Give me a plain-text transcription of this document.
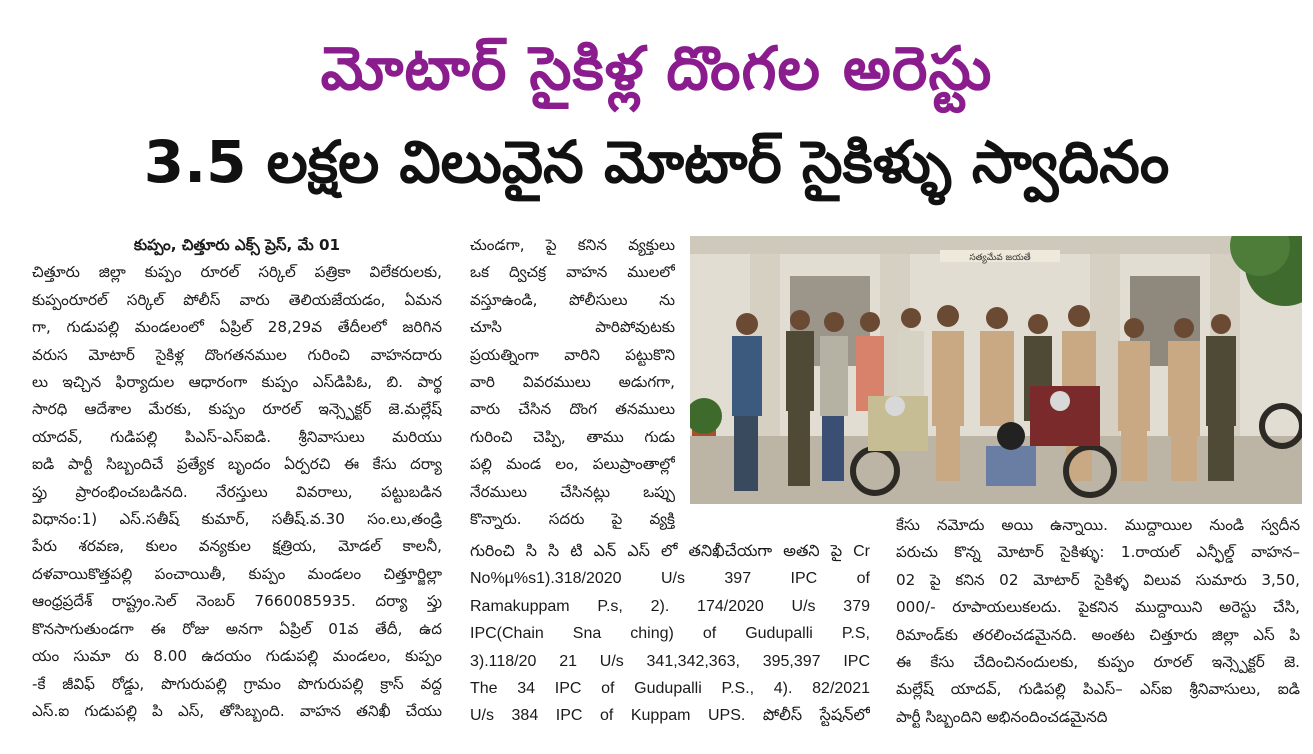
మోటార్ సైకిళ్ల దొంగల అరెస్టు
3.5 లక్షల విలువైన మోటార్ సైకిళ్ళు స్వాదినం

కుప్పం, చిత్తూరు ఎక్స్ ప్రెస్, మే 01

చిత్తూరు జిల్లా కుప్పం రూరల్ సర్కిల్ పత్రికా విలేకరులకు,

కుప్పంరూరల్ సర్కిల్ పోలీస్ వారు తెలియజేయడం, ఏమన

గా, గుడుపల్లి మండలంలో ఏప్రిల్ 28,29వ తేదీలలో జరిగిన

వరుస మోటార్ సైకిళ్ల దొంగతనముల గురించి వాహనదారు

లు ఇచ్చిన ఫిర్యాదుల ఆధారంగా కుప్పం ఎస్‌డిపిఓ, బి. పార్థ

సారధి ఆదేశాల మేరకు, కుప్పం రూరల్ ఇన్స్పెక్టర్ జె.మల్లేష్

యాదవ్, గుడిపల్లి పిఎస్-ఎస్ఐడి. శ్రీనివాసులు మరియు

ఐడి పార్టీ సిబ్బందిచే ప్రత్యేక బృందం ఏర్పరచి ఈ కేసు దర్యా

ప్తు ప్రారంభించబడినది. నేరస్తులు వివరాలు, పట్టుబడిన

విధానం:1) ఎస్.సతీష్ కుమార్, సతీష్.వ.30 సం.లు,తండ్రి

పేరు శరవణ, కులం వన్యకుల క్షత్రియ, మోడల్ కాలనీ,

దళవాయికొత్తపల్లి పంచాయితీ, కుప్పం మండలం చిత్తూర్జిల్లా

ఆంధ్రప్రదేశ్ రాష్ట్రం.సెల్ నెంబర్ 7660085935. దర్యా ప్తు

కొనసాగుతుండగా ఈ రోజు అనగా ఏప్రిల్ 01వ తేదీ, ఉద

యం సుమా రు 8.00 ఉదయం గుడుపల్లి మండలం, కుప్పం

-కే జీవిఫ్ రోడ్డు, పొగురుపల్లి గ్రామం పొగురుపల్లి క్రాస్ వద్ద

ఎస్.ఐ గుడుపల్లి పి ఎస్, తోసిబ్బంది. వాహన తనిఖీ చేయు

చుండగా, పై కనిన వ్యక్తులు

ఒక ద్విచక్ర వాహన ములలో

వస్తూఉండి, పోలీసులు ను

చూసి పారిపోవుటకు

ప్రయత్నింగా వారిని పట్టుకొని

వారి వివరములు అడుగగా,

వారు చేసిన దొంగ తనములు

గురించి చెప్పి, తాము గుడు

పల్లి మండ లం, పలుప్రాంతాల్లో

నేరములు చేసినట్లు ఒప్పు

కొన్నారు. సదరు పై వ్యక్తి

సత్యమేవ జయతే

గురించి సి సి టి ఎన్ ఎస్ లో తనిఖీచేయగా అతని పై Cr

No%µ%s1).318/2020 U/s 397 IPC of

Ramakuppam P.s, 2). 174/2020 U/s 379

IPC(Chain Sna ching) of Gudupalli P.S,

3).118/20 21 U/s 341,342,363, 395,397 IPC

The 34 IPC of Gudupalli P.S., 4). 82/2021

U/s 384 IPC of Kuppam UPS. పోలీస్ స్టేషన్‌లో

కేసు నమోదు అయి ఉన్నాయి. ముద్దాయిల నుండి స్వదీన

పరుచు కొన్న మోటార్ సైకిళ్ళు: 1.రాయల్ ఎన్ఫీల్డ్ వాహన–

02 పై కనిన 02 మోటార్ సైకిళ్ళ విలువ సుమారు 3,50,

000/- రూపాయలుకలదు. పైకనిన ముద్దాయిని అరెస్టు చేసి,

రిమాండ్‌కు తరలించడమైనది. అంతట చిత్తూరు జిల్లా ఎస్ పి

ఈ కేసు చేదించినందులకు, కుప్పం రూరల్ ఇన్స్పెక్టర్ జె.

మల్లేష్ యాదవ్, గుడిపల్లి పిఎస్– ఎస్ఐ శ్రీనివాసులు, ఐడి

పార్టీ సిబ్బందిని అభినందించడమైనది
